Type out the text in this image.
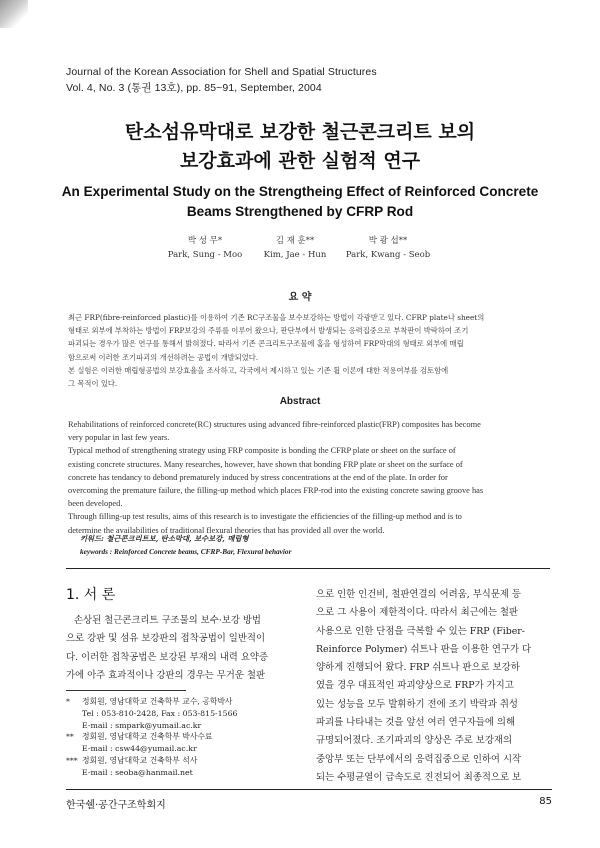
Journal of the Korean Association for Shell and Spatial Structures
Vol. 4, No. 3 (통권 13호), pp. 85~91, September, 2004
탄소섬유막대로 보강한 철근콘크리트 보의
보강효과에 관한 실험적 연구
An Experimental Study on the Strengtheing Effect of Reinforced Concrete
Beams Strengthened by CFRP Rod
박 성 무*
Park, Sung - Moo
김 재 훈**
Kim, Jae - Hun
박 광 섭**
Park, Kwang - Seob
요 약

최근 FRP(fibre-reinforced plastic)를 이용하여 기존 RC구조물을 보수보강하는 방법이 각광받고 있다. CFRP plate나 sheet의

형태로 외부에 부착하는 방법이 FRP보강의 주류를 이루어 왔으나, 판단부에서 발생되는 응력집중으로 부착판이 박락하여 조기

파괴되는 경우가 많은 연구를 통해서 밝혀졌다. 따라서 기존 콘크리트구조물에 홈을 형성하여 FRP막대의 형태로 외부에 매립

함으로써 이러한 조기파괴의 개선하려는 공법이 개발되었다.

본 실험은 이러한 매립형공법의 보강효율을 조사하고, 각국에서 제시하고 있는 기존 휨 이론에 대한 적용여부를 검토함에

그 목적이 있다.

Abstract

Rehabilitations of reinforced concrete(RC) structures using advanced fibre-reinforced plastic(FRP) composites has become

very popular in last few years.

Typical method of strengthening strategy using FRP composite is bonding the CFRP plate or sheet on the surface of

existing concrete structures. Many researches, however, have shown that bonding FRP plate or sheet on the surface of

concrete has tendancy to debond prematurely induced by stress concentrations at the end of the plate. In order for

overcoming the premature failure, the filling-up method which places FRP-rod into the existing concrete sawing groove has

been developed.

Through filling-up test results, aims of this research is to investigate the efficiencies of the filling-up method and is to

determine the availabilities of traditional flexural theories that has provided all over the world.

키워드: 철근콘크리트보, 탄소막대, 보수보강, 매립형
keywords : Reinforced Concrete beams, CFRP-Bar, Flexural behavior
1. 서 론

손상된 철근콘크리트 구조물의 보수·보강 방법

으로 강판 및 섬유 보강판의 접착공법이 일반적이

다. 이러한 접착공법은 보강된 부재의 내력 요약증

가에 아주 효과적이나 강판의 경우는 무거운 철판

*	정회원, 영남대학교 건축학부 교수, 공학박사
Tel : 053-810-2428, Fax : 053-815-1566
E-mail : smpark@yumail.ac.kr
**	정회원, 영남대학교 건축학부 박사수료
E-mail : csw44@yumail.ac.kr
*** 정회원, 영남대학교 건축학부 석사
E-mail : seoba@hanmail.net

으로 인한 인건비, 철판연결의 어려움, 부식문제 등

으로 그 사용이 제한적이다. 따라서 최근에는 철판

사용으로 인한 단점을 극복할 수 있는 FRP (Fiber-

Reinforce Polymer) 쉬트나 판을 이용한 연구가 다

양하게 진행되어 왔다. FRP 쉬트나 판으로 보강하

였을 경우 대표적인 파괴양상으로 FRP가 가지고

있는 성능을 모두 발휘하기 전에 조기 박락과 취성

파괴를 나타내는 것을 앞선 여러 연구자들에 의해

규명되어졌다. 조기파괴의 양상은 주로 보강재의

중앙부 또는 단부에서의 응력집중으로 인하여 시작

되는 수평균열이 급속도로 진전되어 최종적으로 보

한국쉘·공간구조학회지	85
